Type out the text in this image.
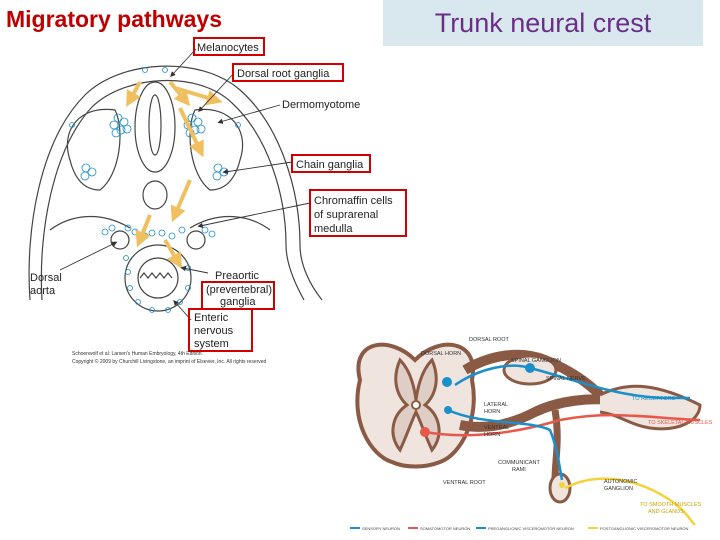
Migratory pathways	Trunk neural crest
Melanocytes
Dorsal root ganglia
Dermomyotome
Chain ganglia
Chromaffin cells
of suprarenal
medulla
Preaortic
(prevertebral)
ganglia
Enteric
nervous
system
Dorsal
aorta
Schoenwolf et al: Larsen's Human Embryology, 4th Edition.
Copyright © 2009 by Churchill Livingstone, an imprint of Elsevier, Inc. All rights reserved
DORSAL ROOT
DORSAL HORN
SPINAL GANGLION
SPINAL NERVE
LATERAL
HORN
VENTRAL
HORN
TO RECEPTORS
TO SKELETAL MUSCLES
COMMUNICANT
RAMI
VENTRAL ROOT	AUTONOMIC
GANGLION
TO SMOOTH MUSCLES
AND GLANDS
SENSORY NEURON	SOMATOMOTOR NEURON	PREGANGLIONIC VISCEROMOTOR NEURON	POSTGANGLIONIC VISCEROMOTOR NEURON
